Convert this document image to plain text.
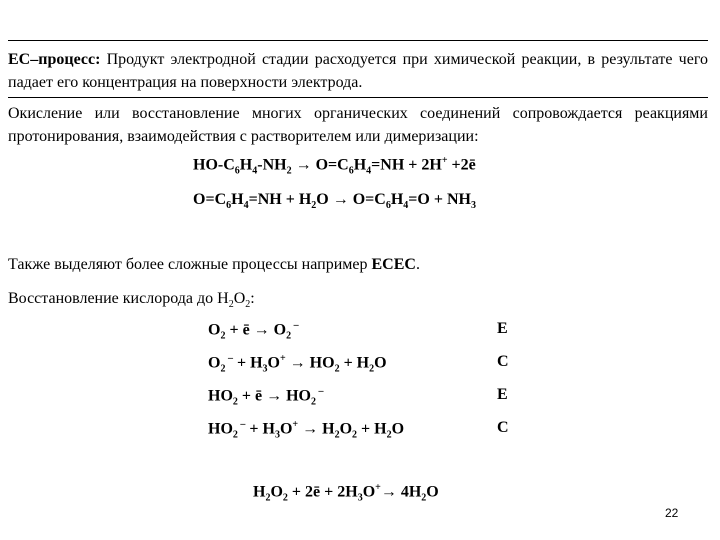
ЕС–процесс: Продукт электродной стадии расходуется при химической реакции, в результате чего падает его концентрация на поверхности электрода.
Окисление или восстановление многих органических соединений сопровождается реакциями протонирования, взаимодействия с растворителем или димеризации:
$HO-C_6H_4-NH_2 \to O=C_6H_4=NH + 2H^+$ +2ē
$O=C_6H_4=NH + H_2O \to O=C_6H_4=O + NH_3$
Также выделяют более сложные процессы например ЕСЕС.
Восстановление кислорода до $H_2O_2$:
$O_2$ + ē → $O_2$ –	E
$O_2$ $^- + H_3O^+ \to HO_2 + H_2O$	C
$HO_2$ + ē → $HO_2$ –	E
$HO_2$ $^- + H_3O^+ \to H_2O_2 + H_2O$	C
$H_2O_2$ + 2ē + $2H_3O^+\to 4H_2O$
22
